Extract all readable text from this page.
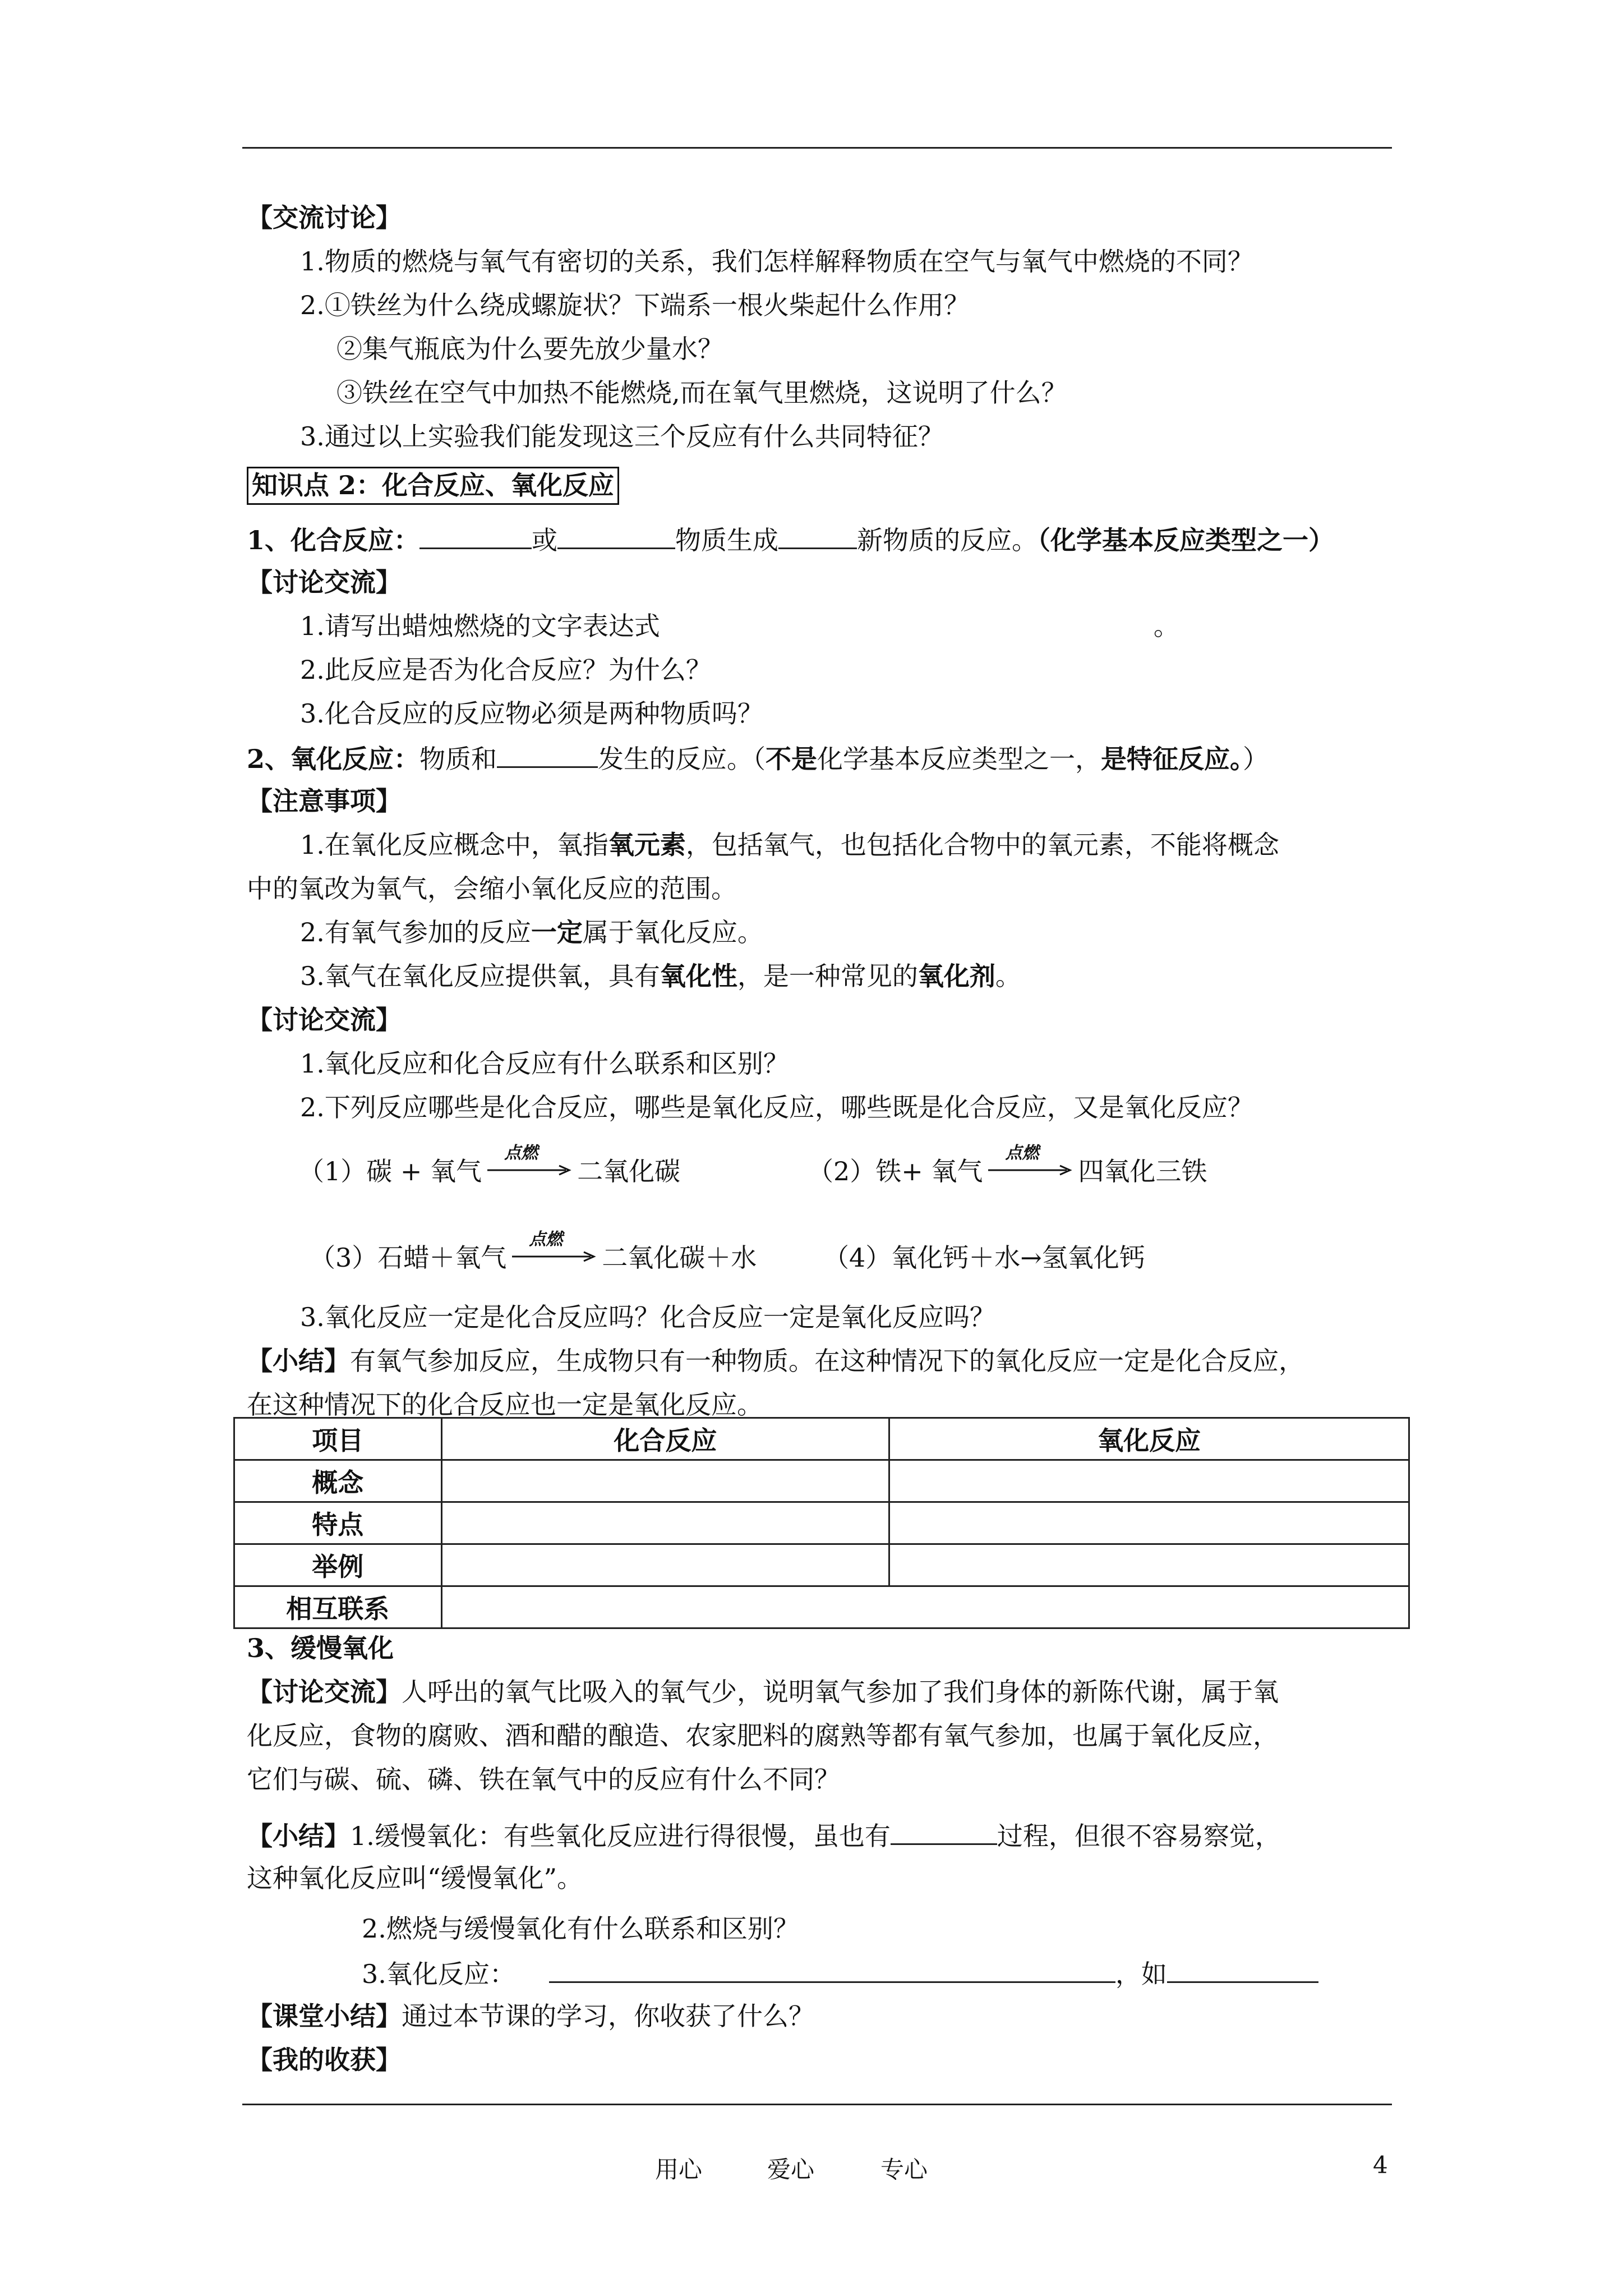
【交流讨论】
1.物质的燃烧与氧气有密切的关系，我们怎样解释物质在空气与氧气中燃烧的不同？
2.①铁丝为什么绕成螺旋状？下端系一根火柴起什么作用？
②集气瓶底为什么要先放少量水？
③铁丝在空气中加热不能燃烧,而在氧气里燃烧，这说明了什么？
3.通过以上实验我们能发现这三个反应有什么共同特征？
知识点 2：化合反应、氧化反应
1、化合反应：	或	物质生成	新物质的反应。（化学基本反应类型之一）
【讨论交流】
1.请写出蜡烛燃烧的文字表达式	。
2.此反应是否为化合反应？为什么？
3.化合反应的反应物必须是两种物质吗？
2、氧化反应：物质和	发生的反应。（不是化学基本反应类型之一，是特征反应。）
【注意事项】
1.在氧化反应概念中，氧指氧元素，包括氧气，也包括化合物中的氧元素，不能将概念
中的氧改为氧气，会缩小氧化反应的范围。
2.有氧气参加的反应一定属于氧化反应。
3.氧气在氧化反应提供氧，具有氧化性，是一种常见的氧化剂。
【讨论交流】
1.氧化反应和化合反应有什么联系和区别？
2.下列反应哪些是化合反应，哪些是氧化反应，哪些既是化合反应，又是氧化反应？
（1）碳 + 氧气
点燃
二氧化碳	（2）铁+ 氧气
点燃
四氧化三铁
（3）石蜡＋氧气
点燃
二氧化碳＋水	（4）氧化钙＋水→氢氧化钙
3.氧化反应一定是化合反应吗？化合反应一定是氧化反应吗？
【小结】有氧气参加反应，生成物只有一种物质。在这种情况下的氧化反应一定是化合反应，
在这种情况下的化合反应也一定是氧化反应。
项目	化合反应	氧化反应
概念		
特点		
举例		
相互联系		
3、缓慢氧化
【讨论交流】人呼出的氧气比吸入的氧气少，说明氧气参加了我们身体的新陈代谢，属于氧
化反应，食物的腐败、酒和醋的酿造、农家肥料的腐熟等都有氧气参加，也属于氧化反应，
它们与碳、硫、磷、铁在氧气中的反应有什么不同？
【小结】1.缓慢氧化：有些氧化反应进行得很慢，虽也有	过程，但很不容易察觉，
这种氧化反应叫“缓慢氧化”。
2.燃烧与缓慢氧化有什么联系和区别？
3.氧化反应：	，如
【课堂小结】通过本节课的学习，你收获了什么？
【我的收获】
用心	爱心	专心	4
